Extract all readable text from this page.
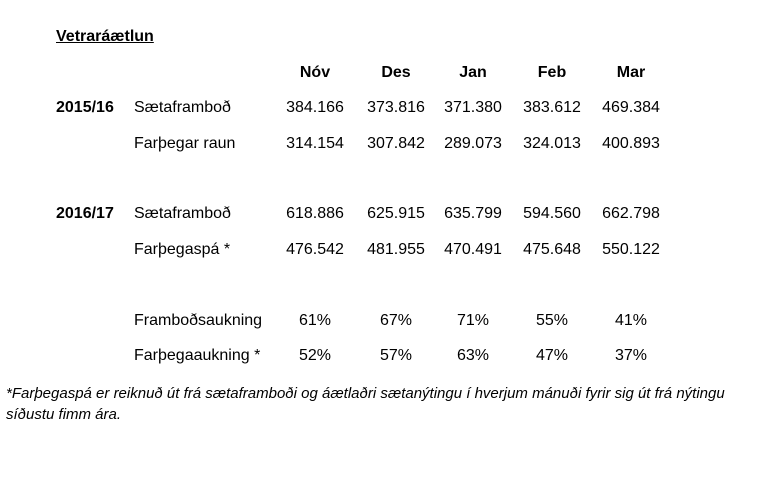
Vetraráætlun
Nóv	Des	Jan	Feb	Mar
2015/16 Sætaframboð	384.166	373.816	371.380	383.612	469.384
Farþegar raun	314.154	307.842	289.073	324.013	400.893
2016/17 Sætaframboð	618.886	625.915	635.799	594.560	662.798
Farþegaspá *	476.542	481.955	470.491	475.648	550.122
Framboðsaukning	61%	67%	71%	55%	41%
Farþegaaukning *	52%	57%	63%	47%	37%
*Farþegaspá er reiknuð út frá sætaframboði og áætlaðri sætanýtingu í hverjum mánuði fyrir sig út frá nýtingu síðustu fimm ára.
